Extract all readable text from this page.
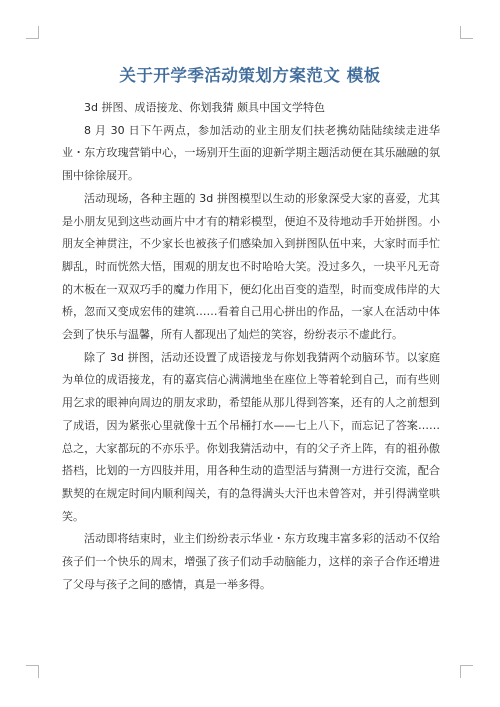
关于开学季活动策划方案范文 模板

3d 拼图、成语接龙、你划我猜 颇具中国文学特色

8 月 30 日下午两点，参加活动的业主朋友们扶老携幼陆陆续续走进华业・东方玫瑰营销中心，一场别开生面的迎新学期主题活动便在其乐融融的氛围中徐徐展开。

活动现场，各种主题的 3d 拼图模型以生动的形象深受大家的喜爱，尤其是小朋友见到这些动画片中才有的精彩模型，便迫不及待地动手开始拼图。小朋友全神贯注，不少家长也被孩子们感染加入到拼图队伍中来，大家时而手忙脚乱，时而恍然大悟，围观的朋友也不时哈哈大笑。没过多久，一块平凡无奇的木板在一双双巧手的魔力作用下，便幻化出百变的造型，时而变成伟岸的大桥，忽而又变成宏伟的建筑……看着自己用心拼出的作品，一家人在活动中体会到了快乐与温馨，所有人都现出了灿烂的笑容，纷纷表示不虚此行。

除了 3d 拼图，活动还设置了成语接龙与你划我猜两个动脑环节。以家庭为单位的成语接龙，有的嘉宾信心满满地坐在座位上等着轮到自己，而有些则用乞求的眼神向周边的朋友求助，希望能从那儿得到答案，还有的人之前想到了成语，因为紧张心里就像十五个吊桶打水——七上八下，而忘记了答案……总之，大家都玩的不亦乐乎。你划我猜活动中，有的父子齐上阵，有的祖孙傲搭档，比划的一方四肢并用，用各种生动的造型活与猜测一方进行交流，配合默契的在规定时间内顺利闯关，有的急得满头大汗也未曾答对，并引得满堂哄笑。

活动即将结束时，业主们纷纷表示华业・东方玫瑰丰富多彩的活动不仅给孩子们一个快乐的周末，增强了孩子们动手动脑能力，这样的亲子合作还增进了父母与孩子之间的感情，真是一举多得。
